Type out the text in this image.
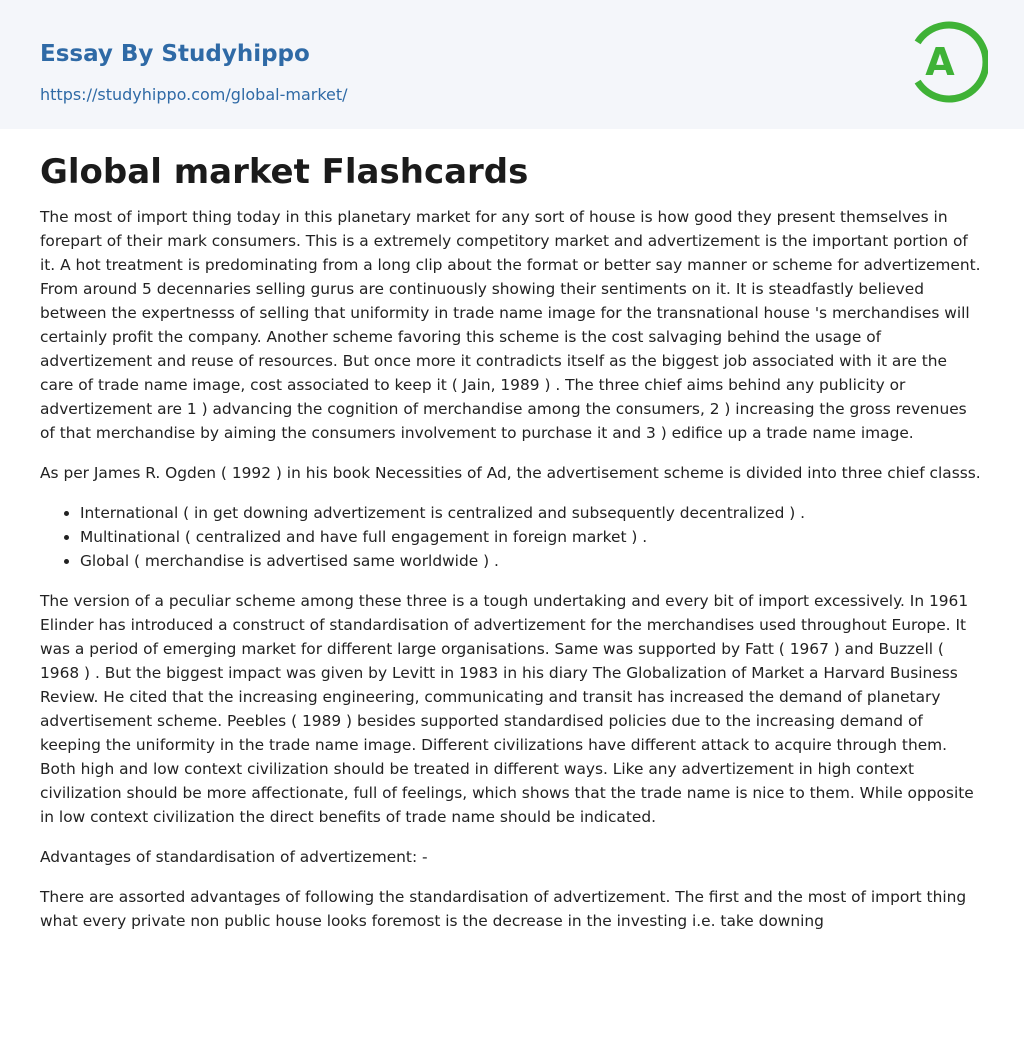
Essay By Studyhippo
https://studyhippo.com/global-market/
A
Global market Flashcards

The most of import thing today in this planetary market for any sort of house is how good they present themselves in forepart of their mark consumers. This is a extremely competitory market and advertizement is the important portion of it. A hot treatment is predominating from a long clip about the format or better say manner or scheme for advertizement. From around 5 decennaries selling gurus are continuously showing their sentiments on it. It is steadfastly believed between the expertnesss of selling that uniformity in trade name image for the transnational house 's merchandises will certainly profit the company. Another scheme favoring this scheme is the cost salvaging behind the usage of advertizement and reuse of resources. But once more it contradicts itself as the biggest job associated with it are the care of trade name image, cost associated to keep it ( Jain, 1989 ) . The three chief aims behind any publicity or advertizement are 1 ) advancing the cognition of merchandise among the consumers, 2 ) increasing the gross revenues of that merchandise by aiming the consumers involvement to purchase it and 3 ) edifice up a trade name image.

As per James R. Ogden ( 1992 ) in his book Necessities of Ad, the advertisement scheme is divided into three chief classs.

• International ( in get downing advertizement is centralized and subsequently decentralized ) .
• Multinational ( centralized and have full engagement in foreign market ) .
• Global ( merchandise is advertised same worldwide ) .

The version of a peculiar scheme among these three is a tough undertaking and every bit of import excessively. In 1961 Elinder has introduced a construct of standardisation of advertizement for the merchandises used throughout Europe. It was a period of emerging market for different large organisations. Same was supported by Fatt ( 1967 ) and Buzzell ( 1968 ) . But the biggest impact was given by Levitt in 1983 in his diary The Globalization of Market a Harvard Business Review. He cited that the increasing engineering, communicating and transit has increased the demand of planetary advertisement scheme. Peebles ( 1989 ) besides supported standardised policies due to the increasing demand of keeping the uniformity in the trade name image. Different civilizations have different attack to acquire through them. Both high and low context civilization should be treated in different ways. Like any advertizement in high context civilization should be more affectionate, full of feelings, which shows that the trade name is nice to them. While opposite in low context civilization the direct benefits of trade name should be indicated.

Advantages of standardisation of advertizement: -

There are assorted advantages of following the standardisation of advertizement. The first and the most of import thing what every private non public house looks foremost is the decrease in the investing i.e. take downing
